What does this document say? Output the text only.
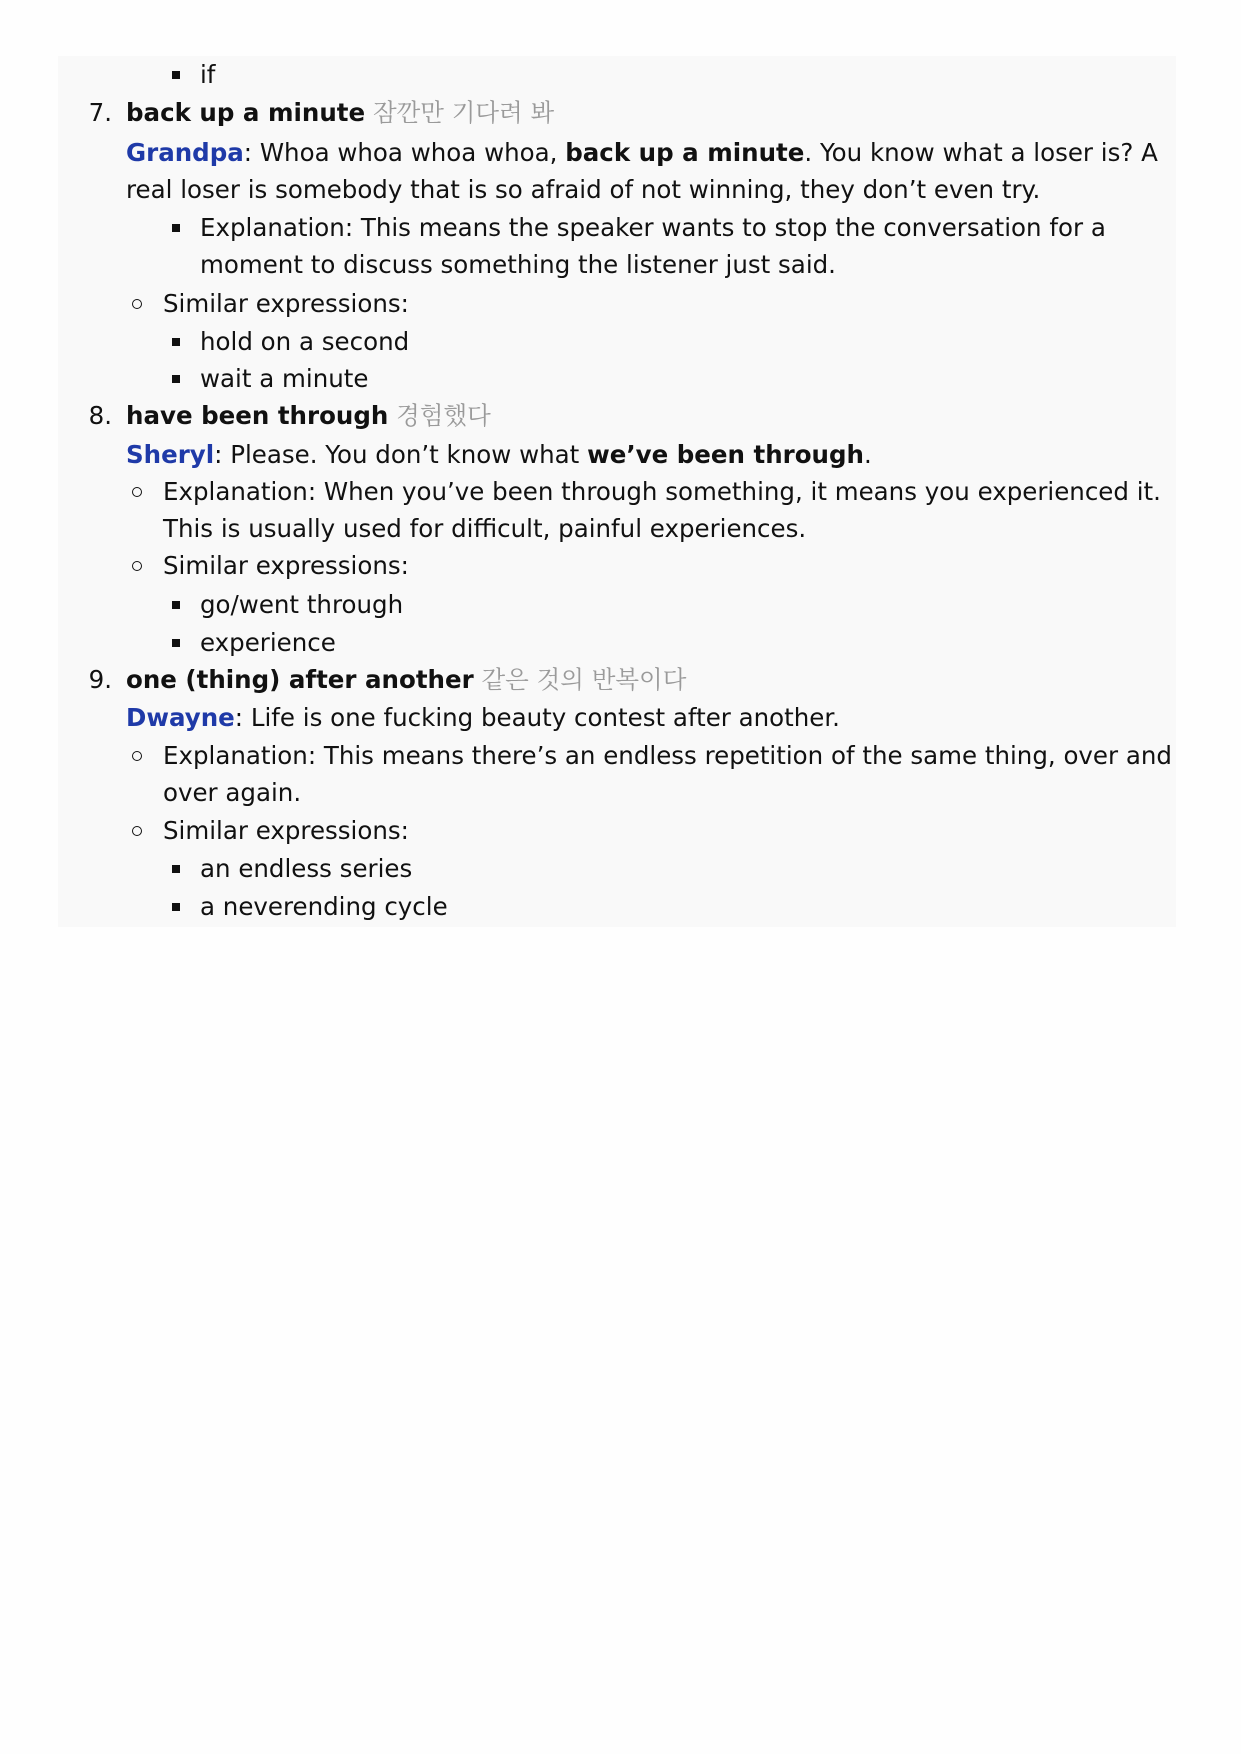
if
7. back up a minute 잠깐만 기다려 봐
Grandpa: Whoa whoa whoa whoa, back up a minute. You know what a loser is? A
real loser is somebody that is so afraid of not winning, they don’t even try.
Explanation: This means the speaker wants to stop the conversation for a
moment to discuss something the listener just said.
Similar expressions:
hold on a second
wait a minute
8. have been through 경험했다
Sheryl: Please. You don’t know what we’ve been through.
Explanation: When you’ve been through something, it means you experienced it.
This is usually used for difficult, painful experiences.
Similar expressions:
go/went through
experience
9. one (thing) after another 같은 것의 반복이다
Dwayne: Life is one fucking beauty contest after another.
Explanation: This means there’s an endless repetition of the same thing, over and
over again.
Similar expressions:
an endless series
a neverending cycle
